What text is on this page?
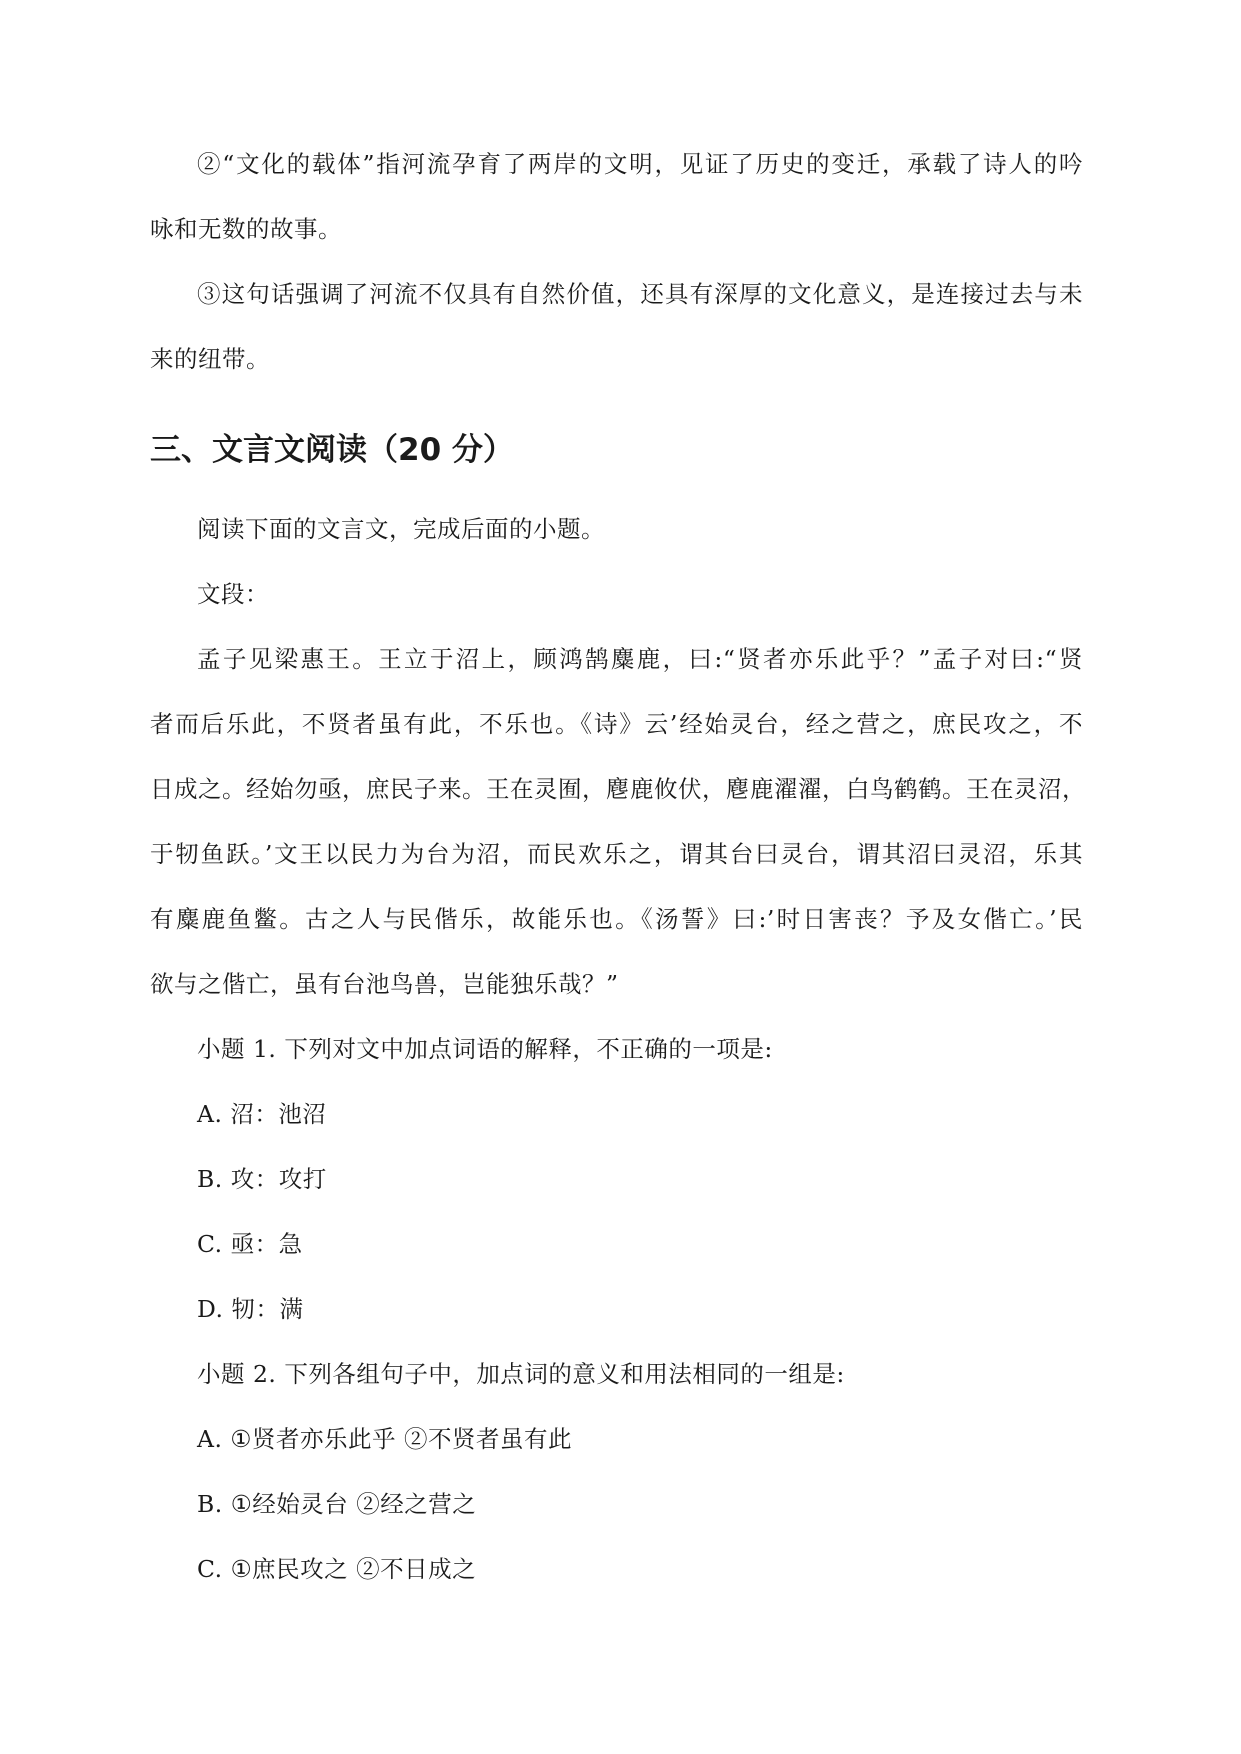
②“文化的载体”指河流孕育了两岸的文明，见证了历史的变迁，承载了诗人的吟
咏和无数的故事。
③这句话强调了河流不仅具有自然价值，还具有深厚的文化意义，是连接过去与未
来的纽带。
三、文言文阅读（20 分）
阅读下面的文言文，完成后面的小题。
文段：
孟子见梁惠王。王立于沼上，顾鸿鹄麋鹿，曰:“贤者亦乐此乎？”孟子对曰:“贤
者而后乐此，不贤者虽有此，不乐也。《诗》云’经始灵台，经之营之，庶民攻之，不
日成之。经始勿亟，庶民子来。王在灵囿，麀鹿攸伏，麀鹿濯濯，白鸟鹤鹤。王在灵沼，
于牣鱼跃。’文王以民力为台为沼，而民欢乐之，谓其台曰灵台，谓其沼曰灵沼，乐其
有麋鹿鱼鳖。古之人与民偕乐，故能乐也。《汤誓》曰:’时日害丧？予及女偕亡。’民
欲与之偕亡，虽有台池鸟兽，岂能独乐哉？”
小题 1. 下列对文中加点词语的解释，不正确的一项是:
A. 沼：池沼
B. 攻：攻打
C. 亟：急
D. 牣：满
小题 2. 下列各组句子中，加点词的意义和用法相同的一组是:
A. ①贤者亦乐此乎 ②不贤者虽有此
B. ①经始灵台 ②经之营之
C. ①庶民攻之 ②不日成之
